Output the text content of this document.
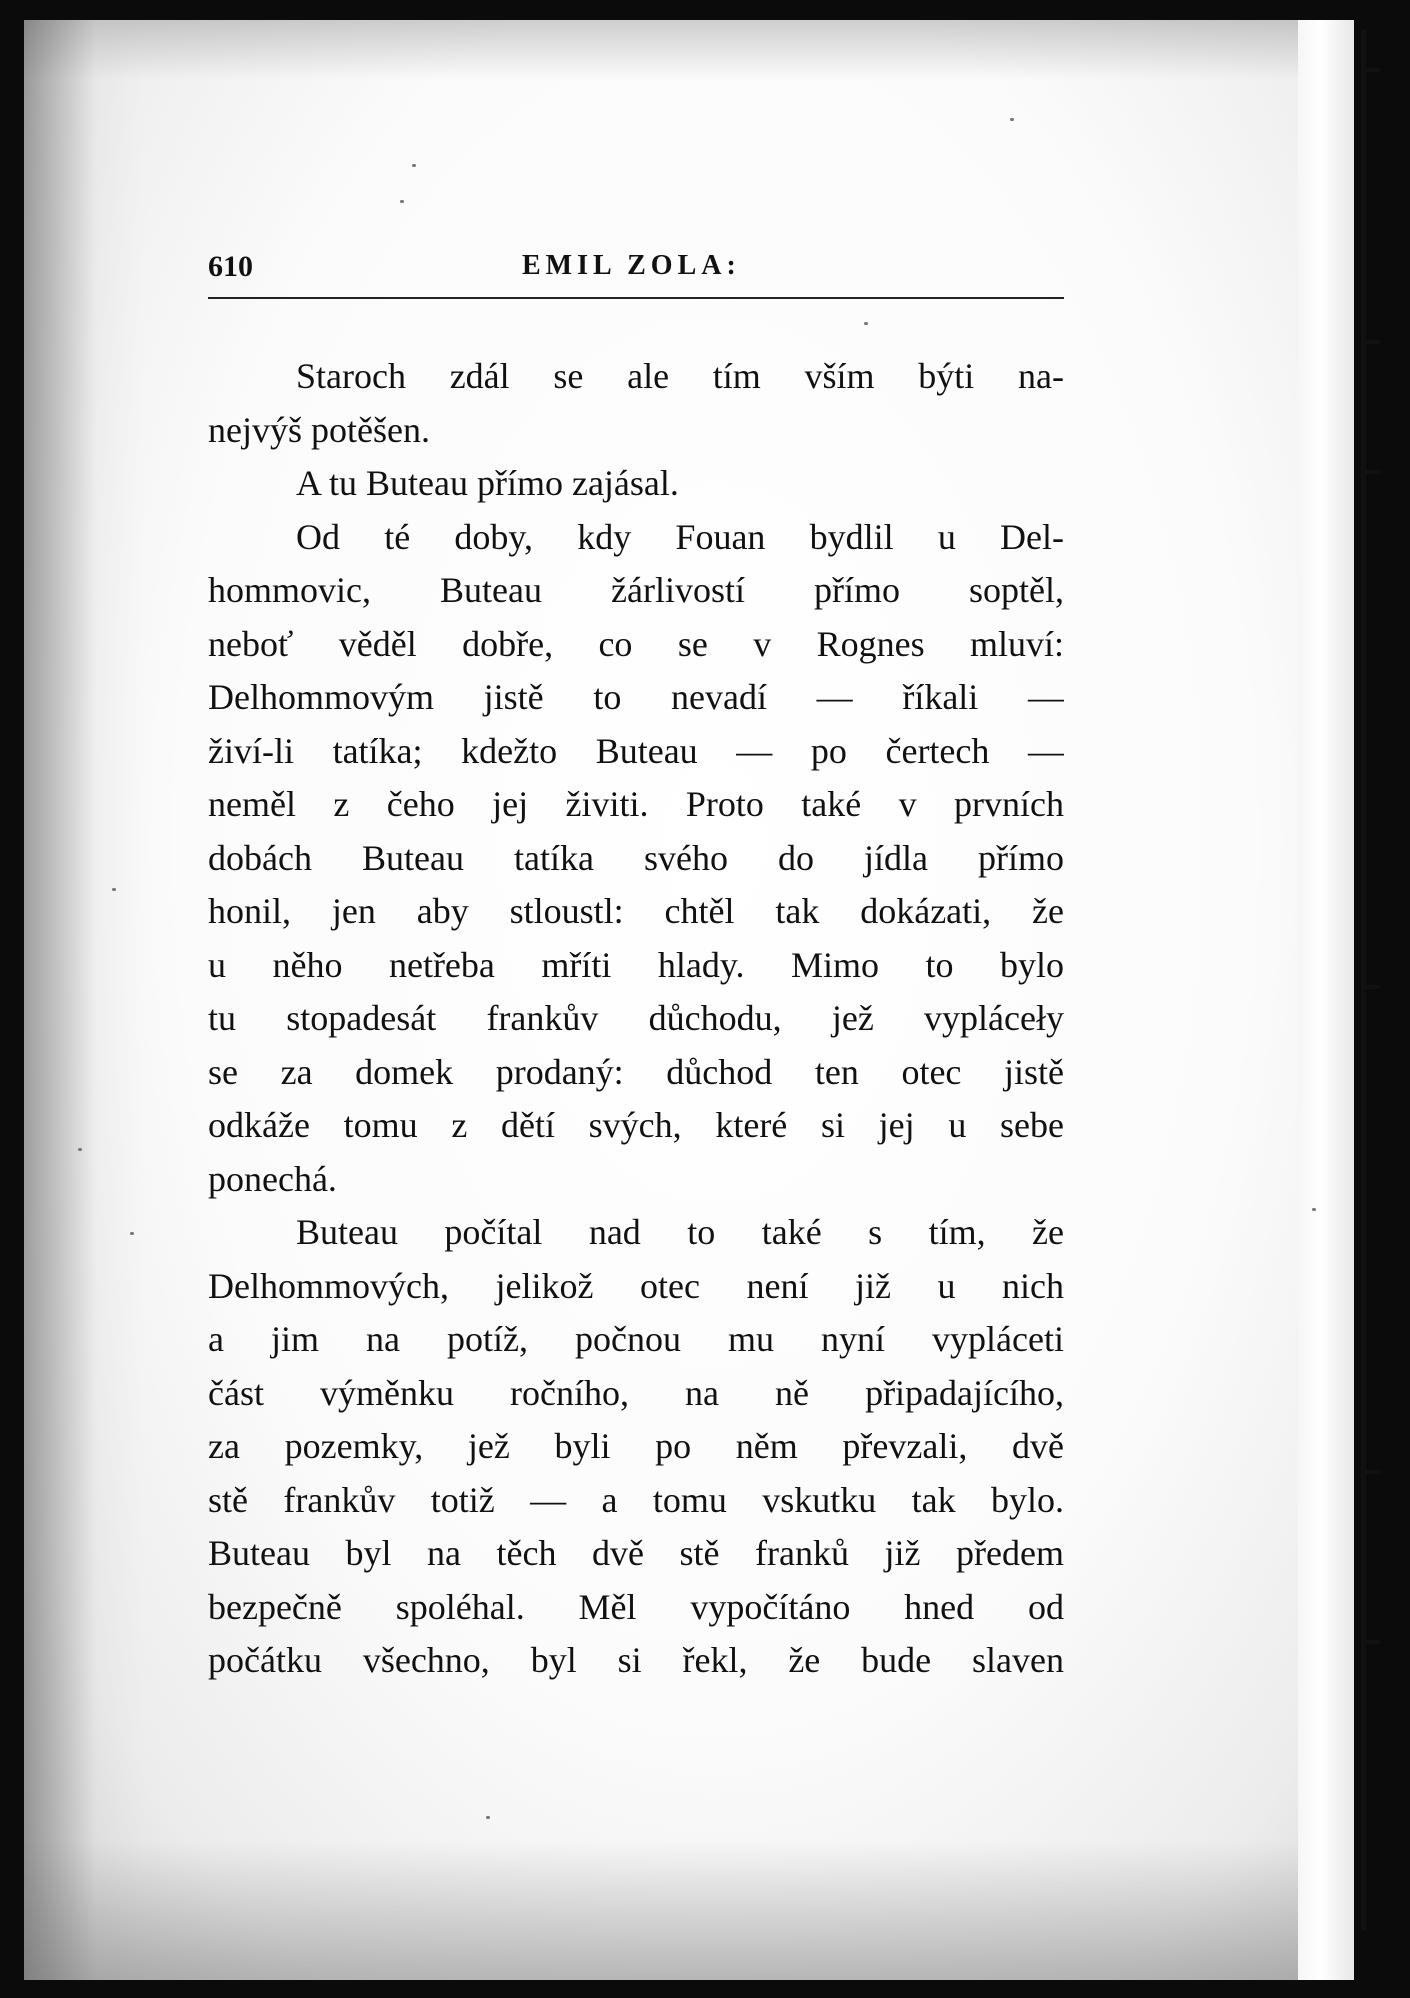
610	EMIL ZOLA:
Staroch zdál se ale tím vším býti na-
nejvýš potěšen.
A tu Buteau přímo zajásal.
Od té doby, kdy Fouan bydlil u Del-
hommovic, Buteau žárlivostí přímo soptěl,
neboť věděl dobře, co se v Rognes mluví:
Delhommovým jistě to nevadí — říkali —
živí-li tatíka; kdežto Buteau — po čertech —
neměl z čeho jej živiti. Proto také v prvních
dobách Buteau tatíka svého do jídla přímo
honil, jen aby stloustl: chtěl tak dokázati, že
u něho netřeba mříti hlady. Mimo to bylo
tu stopadesát frankův důchodu, jež vypláceły
se za domek prodaný: důchod ten otec jistě
odkáže tomu z dětí svých, které si jej u sebe
ponechá.
Buteau počítal nad to také s tím, že
Delhommových, jelikož otec není již u nich
a jim na potíž, počnou mu nyní vypláceti
část výměnku ročního, na ně připadajícího,
za pozemky, jež byli po něm převzali, dvě
stě frankův totiž — a tomu vskutku tak bylo.
Buteau byl na těch dvě stě franků již předem
bezpečně spoléhal. Měl vypočítáno hned od
počátku všechno, byl si řekl, že bude slaven
